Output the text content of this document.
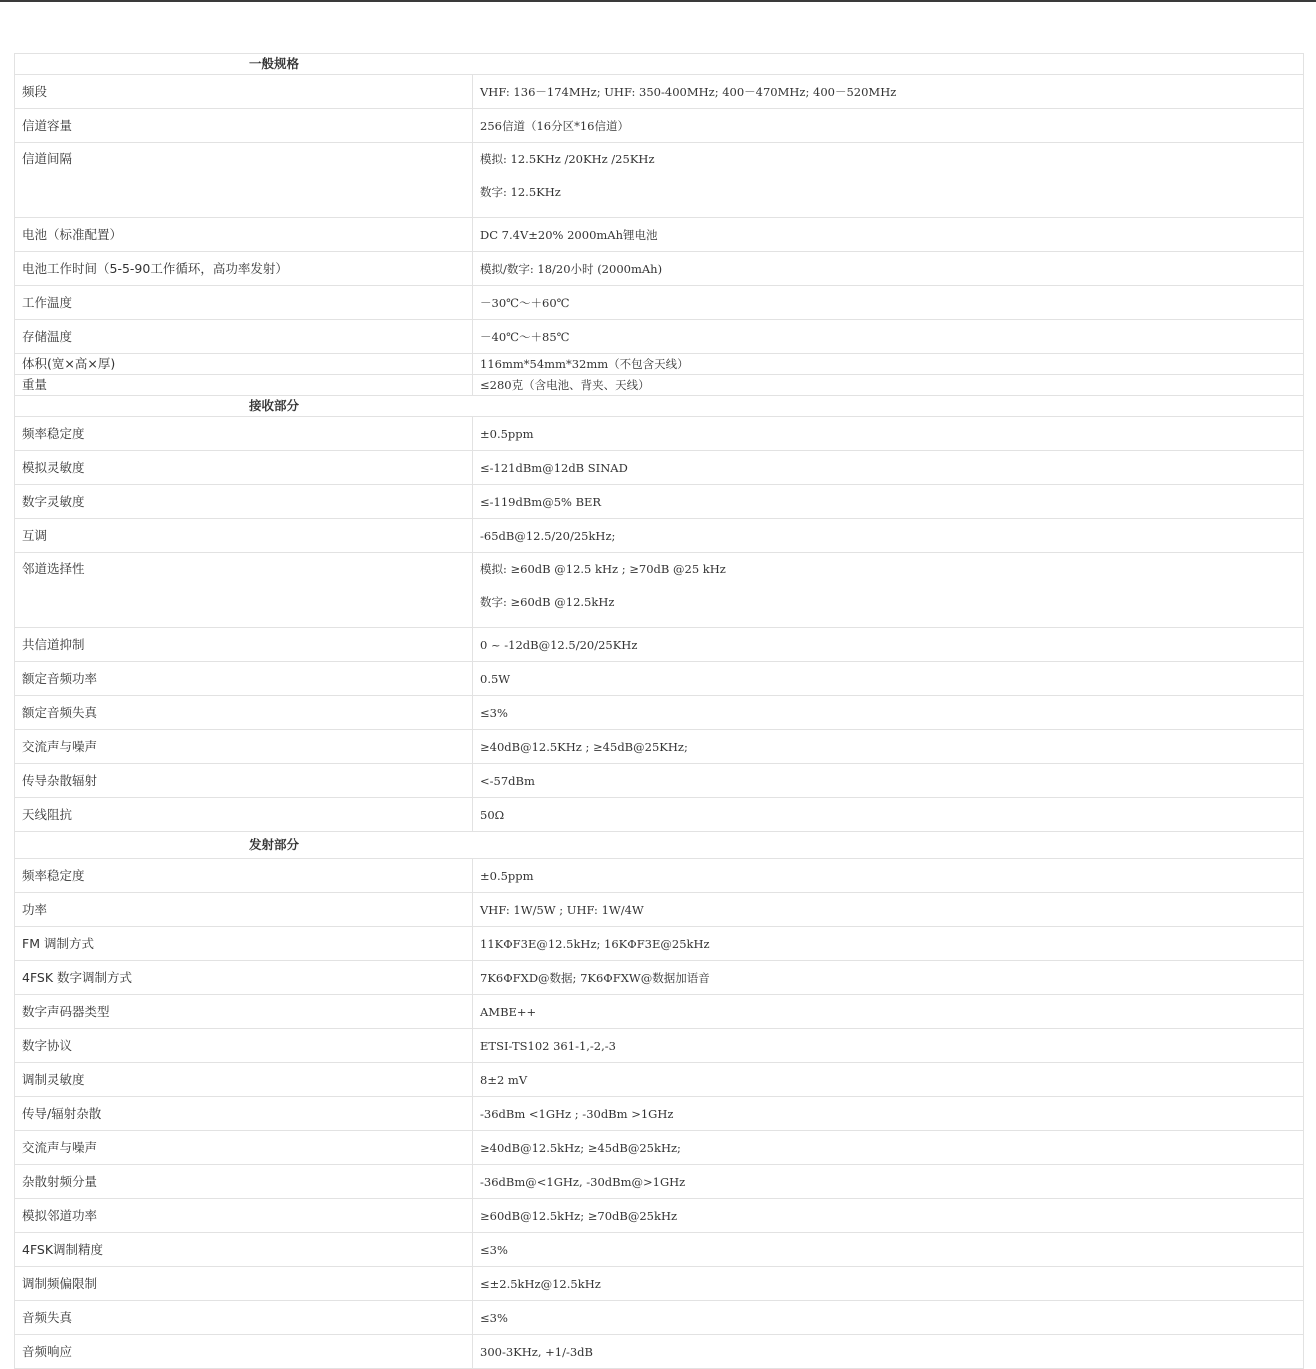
一般规格	
频段	VHF: 136－174MHz; UHF: 350-400MHz; 400－470MHz; 400－520MHz
信道容量	256信道（16分区*16信道）
信道间隔	模拟: 12.5KHz /20KHz /25KHz
数字: 12.5KHz

电池（标准配置）	DC 7.4V±20% 2000mAh锂电池
电池工作时间（5-5-90工作循环，高功率发射）	模拟/数字: 18/20小时 (2000mAh)
工作温度	－30℃～＋60℃
存储温度	－40℃～＋85℃
体积(宽×高×厚)	116mm*54mm*32mm（不包含天线）
重量	≤280克（含电池、背夹、天线）
接收部分	
频率稳定度	±0.5ppm
模拟灵敏度	≤-121dBm@12dB SINAD
数字灵敏度	≤-119dBm@5% BER
互调	-65dB@12.5/20/25kHz;
邻道选择性	模拟: ≥60dB @12.5 kHz ; ≥70dB @25 kHz
数字: ≥60dB @12.5kHz

共信道抑制	0 ~ -12dB@12.5/20/25KHz
额定音频功率	0.5W
额定音频失真	≤3%
交流声与噪声	≥40dB@12.5KHz ; ≥45dB@25KHz;
传导杂散辐射	<-57dBm
天线阻抗	50Ω
发射部分	
频率稳定度	±0.5ppm
功率	VHF: 1W/5W ; UHF: 1W/4W
FM 调制方式	11KΦF3E@12.5kHz; 16KΦF3E@25kHz
4FSK 数字调制方式	7K6ΦFXD@数据; 7K6ΦFXW@数据加语音
数字声码器类型	AMBE++
数字协议	ETSI-TS102 361-1,-2,-3
调制灵敏度	8±2 mV
传导/辐射杂散	-36dBm <1GHz ; -30dBm >1GHz
交流声与噪声	≥40dB@12.5kHz; ≥45dB@25kHz;
杂散射频分量	-36dBm@<1GHz, -30dBm@>1GHz
模拟邻道功率	≥60dB@12.5kHz; ≥70dB@25kHz
4FSK调制精度	≤3%
调制频偏限制	≤±2.5kHz@12.5kHz
音频失真	≤3%
音频响应	300-3KHz, +1/-3dB
